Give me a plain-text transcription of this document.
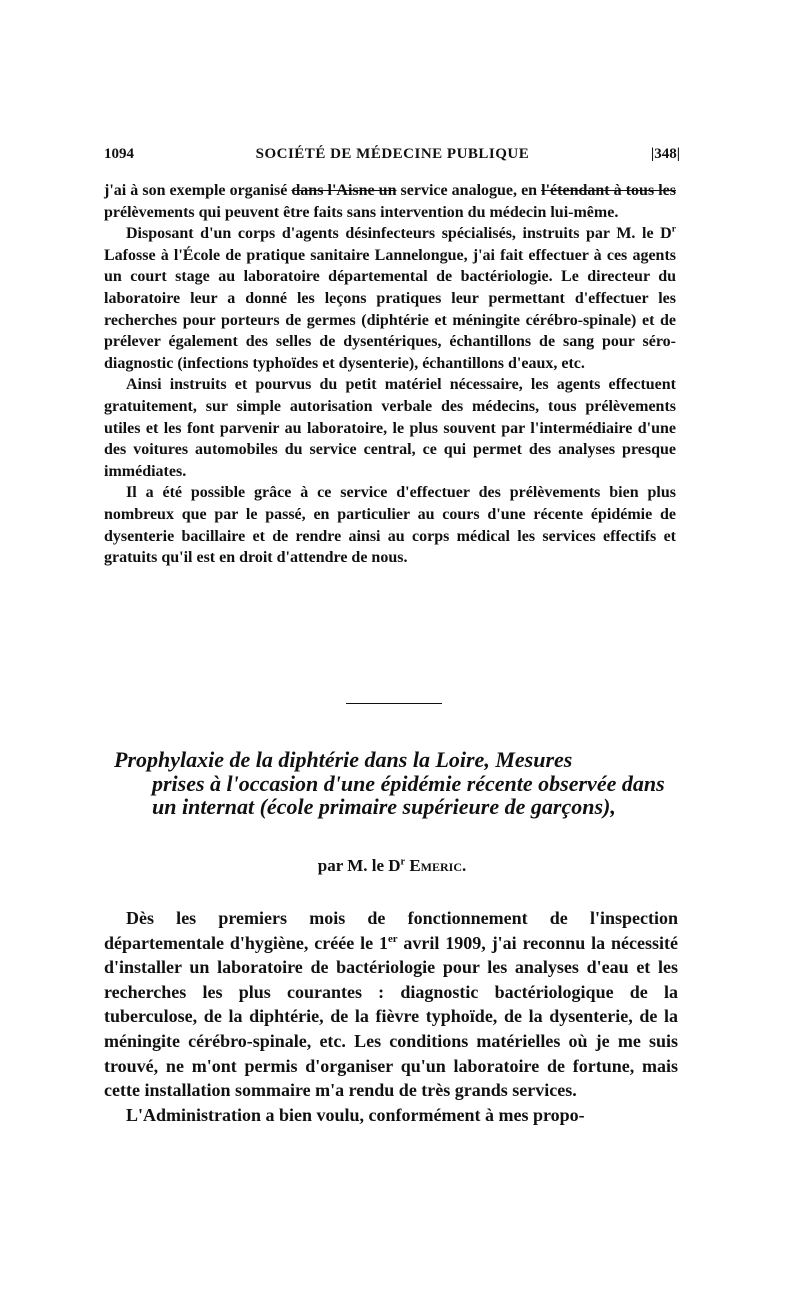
1094	SOCIÉTÉ DE MÉDECINE PUBLIQUE	|348|

j'ai à son exemple organisé dans l'Aisne un service analogue, en l'étendant à tous les prélèvements qui peuvent être faits sans intervention du médecin lui-même.

Disposant d'un corps d'agents désinfecteurs spécialisés, instruits par M. le $D^r$ Lafosse à l'École de pratique sanitaire Lannelongue, j'ai fait effectuer à ces agents un court stage au laboratoire départemental de bactériologie. Le directeur du laboratoire leur a donné les leçons pratiques leur permettant d'effectuer les recherches pour porteurs de germes (diphtérie et méningite cérébro-spinale) et de prélever également des selles de dysentériques, échantillons de sang pour séro-diagnostic (infections typhoïdes et dysenterie), échantillons d'eaux, etc.

Ainsi instruits et pourvus du petit matériel nécessaire, les agents effectuent gratuitement, sur simple autorisation verbale des médecins, tous prélèvements utiles et les font parvenir au laboratoire, le plus souvent par l'intermédiaire d'une des voitures automobiles du service central, ce qui permet des analyses presque immédiates.

Il a été possible grâce à ce service d'effectuer des prélèvements bien plus nombreux que par le passé, en particulier au cours d'une récente épidémie de dysenterie bacillaire et de rendre ainsi au corps médical les services effectifs et gratuits qu'il est en droit d'attendre de nous.

Prophylaxie de la diphtérie dans la Loire, Mesures
prises à l'occasion d'une épidémie récente observée dans un internat (école primaire supérieure de garçons),
par M. le $D^r$ Emeric.

Dès les premiers mois de fonctionnement de l'inspection départementale d'hygiène, créée le 1er avril 1909, j'ai reconnu la nécessité d'installer un laboratoire de bactériologie pour les analyses d'eau et les recherches les plus courantes : diagnostic bactériologique de la tuberculose, de la diphtérie, de la fièvre typhoïde, de la dysenterie, de la méningite cérébro-spinale, etc. Les conditions matérielles où je me suis trouvé, ne m'ont permis d'organiser qu'un laboratoire de fortune, mais cette installation sommaire m'a rendu de très grands services.

L'Administration a bien voulu, conformément à mes propo-
